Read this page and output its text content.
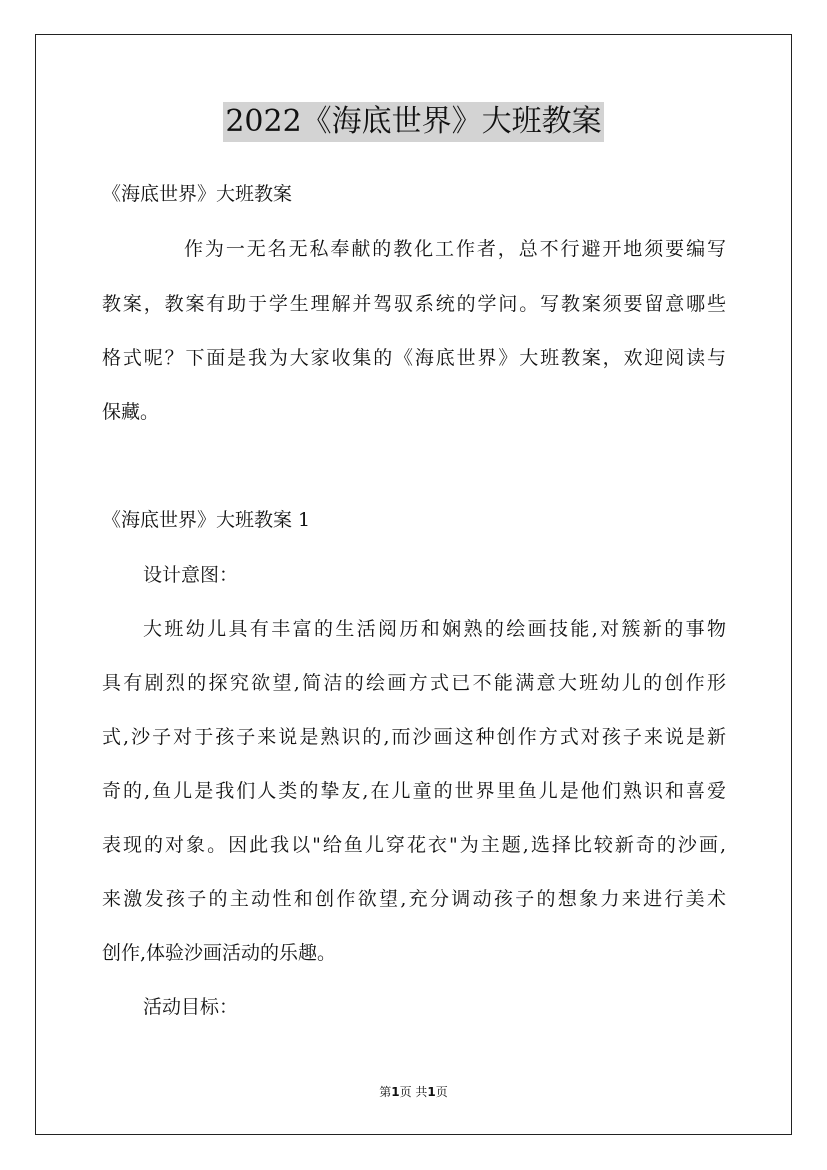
2022《海底世界》大班教案

《海底世界》大班教案

作为一无名无私奉献的教化工作者，总不行避开地须要编写

教案，教案有助于学生理解并驾驭系统的学问。写教案须要留意哪些

格式呢？下面是我为大家收集的《海底世界》大班教案，欢迎阅读与

保藏。

《海底世界》大班教案 1

设计意图：

大班幼儿具有丰富的生活阅历和娴熟的绘画技能,对簇新的事物

具有剧烈的探究欲望,简洁的绘画方式已不能满意大班幼儿的创作形

式,沙子对于孩子来说是熟识的,而沙画这种创作方式对孩子来说是新

奇的,鱼儿是我们人类的挚友,在儿童的世界里鱼儿是他们熟识和喜爱

表现的对象。因此我以"给鱼儿穿花衣"为主题,选择比较新奇的沙画,

来激发孩子的主动性和创作欲望,充分调动孩子的想象力来进行美术

创作,体验沙画活动的乐趣。

活动目标：

第1页 共1页
